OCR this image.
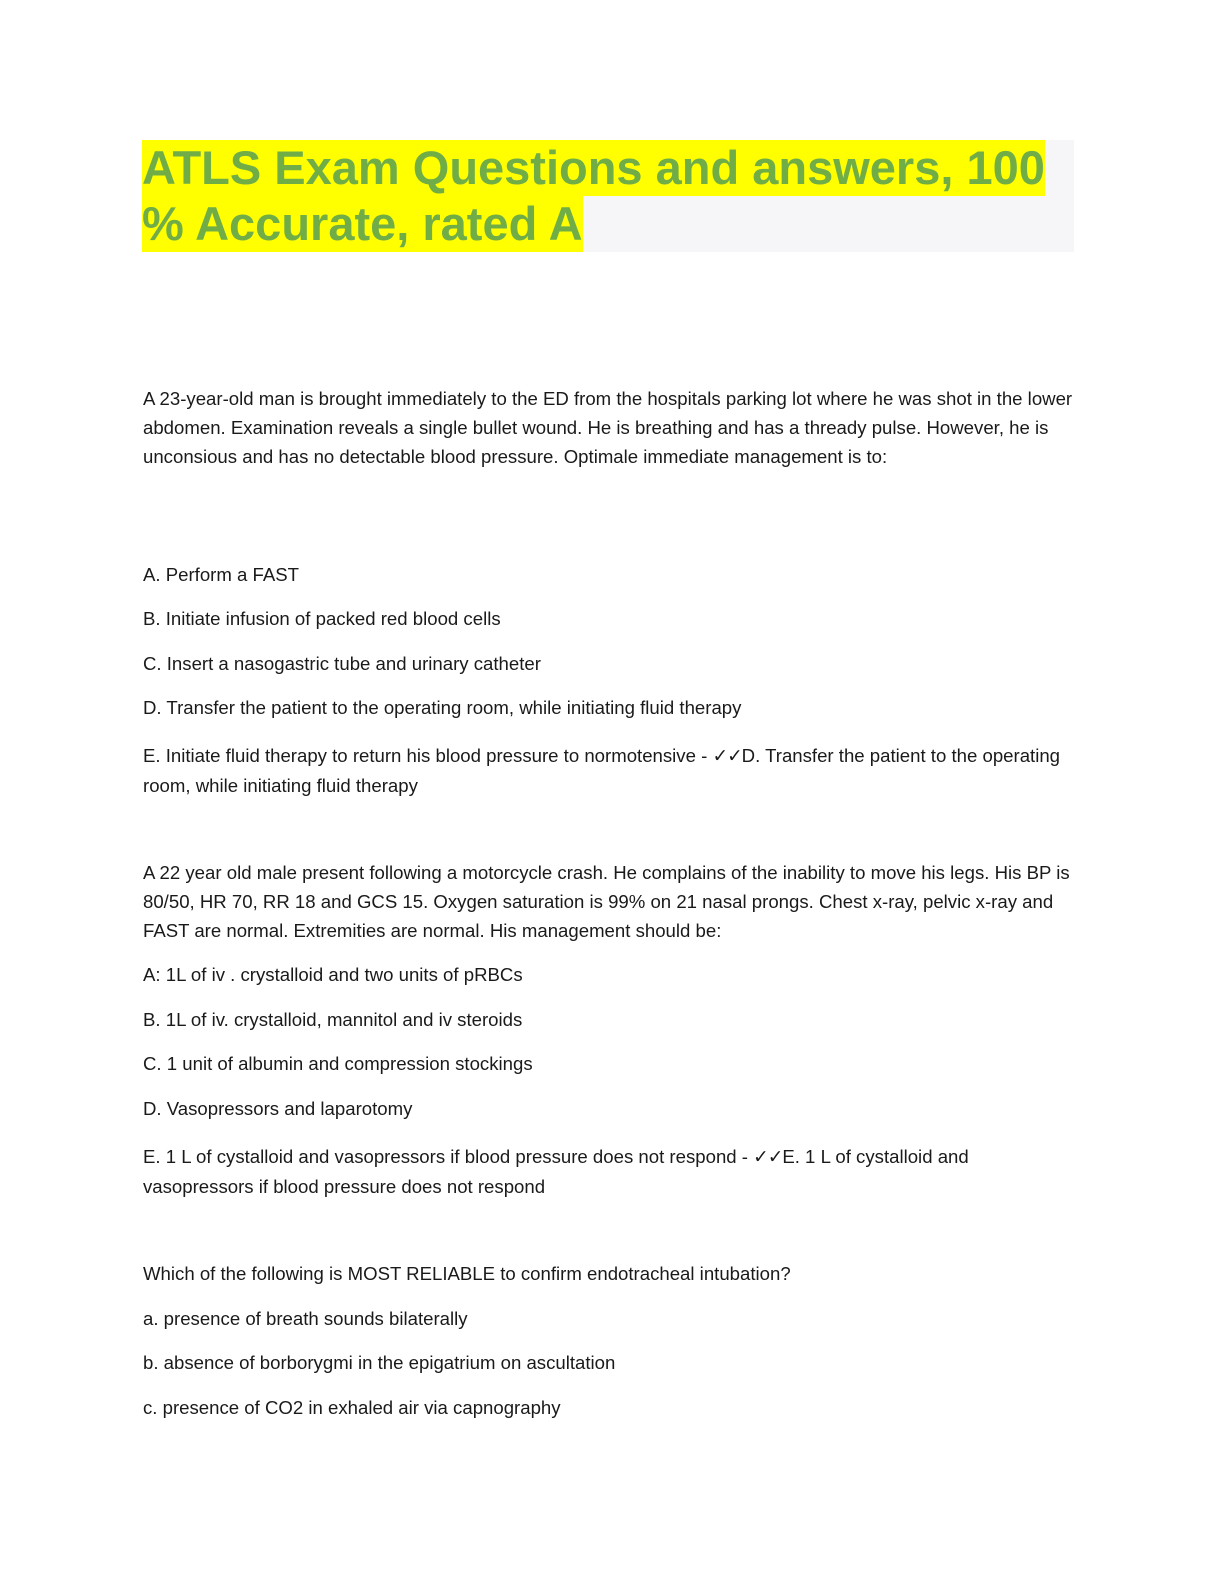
ATLS Exam Questions and answers, 100
% Accurate, rated A
A 23-year-old man is brought immediately to the ED from the hospitals parking lot where he was shot in the lower abdomen. Examination reveals a single bullet wound. He is breathing and has a thready pulse. However, he is unconsious and has no detectable blood pressure. Optimale immediate management is to:
A. Perform a FAST
B. Initiate infusion of packed red blood cells
C. Insert a nasogastric tube and urinary catheter
D. Transfer the patient to the operating room, while initiating fluid therapy
E. Initiate fluid therapy to return his blood pressure to normotensive - ✓✓D. Transfer the patient to the operating room, while initiating fluid therapy
A 22 year old male present following a motorcycle crash. He complains of the inability to move his legs. His BP is 80/50, HR 70, RR 18 and GCS 15. Oxygen saturation is 99% on 21 nasal prongs. Chest x-ray, pelvic x-ray and FAST are normal. Extremities are normal. His management should be:
A: 1L of iv . crystalloid and two units of pRBCs
B. 1L of iv. crystalloid, mannitol and iv steroids
C. 1 unit of albumin and compression stockings
D. Vasopressors and laparotomy
E. 1 L of cystalloid and vasopressors if blood pressure does not respond - ✓✓E. 1 L of cystalloid and vasopressors if blood pressure does not respond
Which of the following is MOST RELIABLE to confirm endotracheal intubation?
a. presence of breath sounds bilaterally
b. absence of borborygmi in the epigatrium on ascultation
c. presence of CO2 in exhaled air via capnography
